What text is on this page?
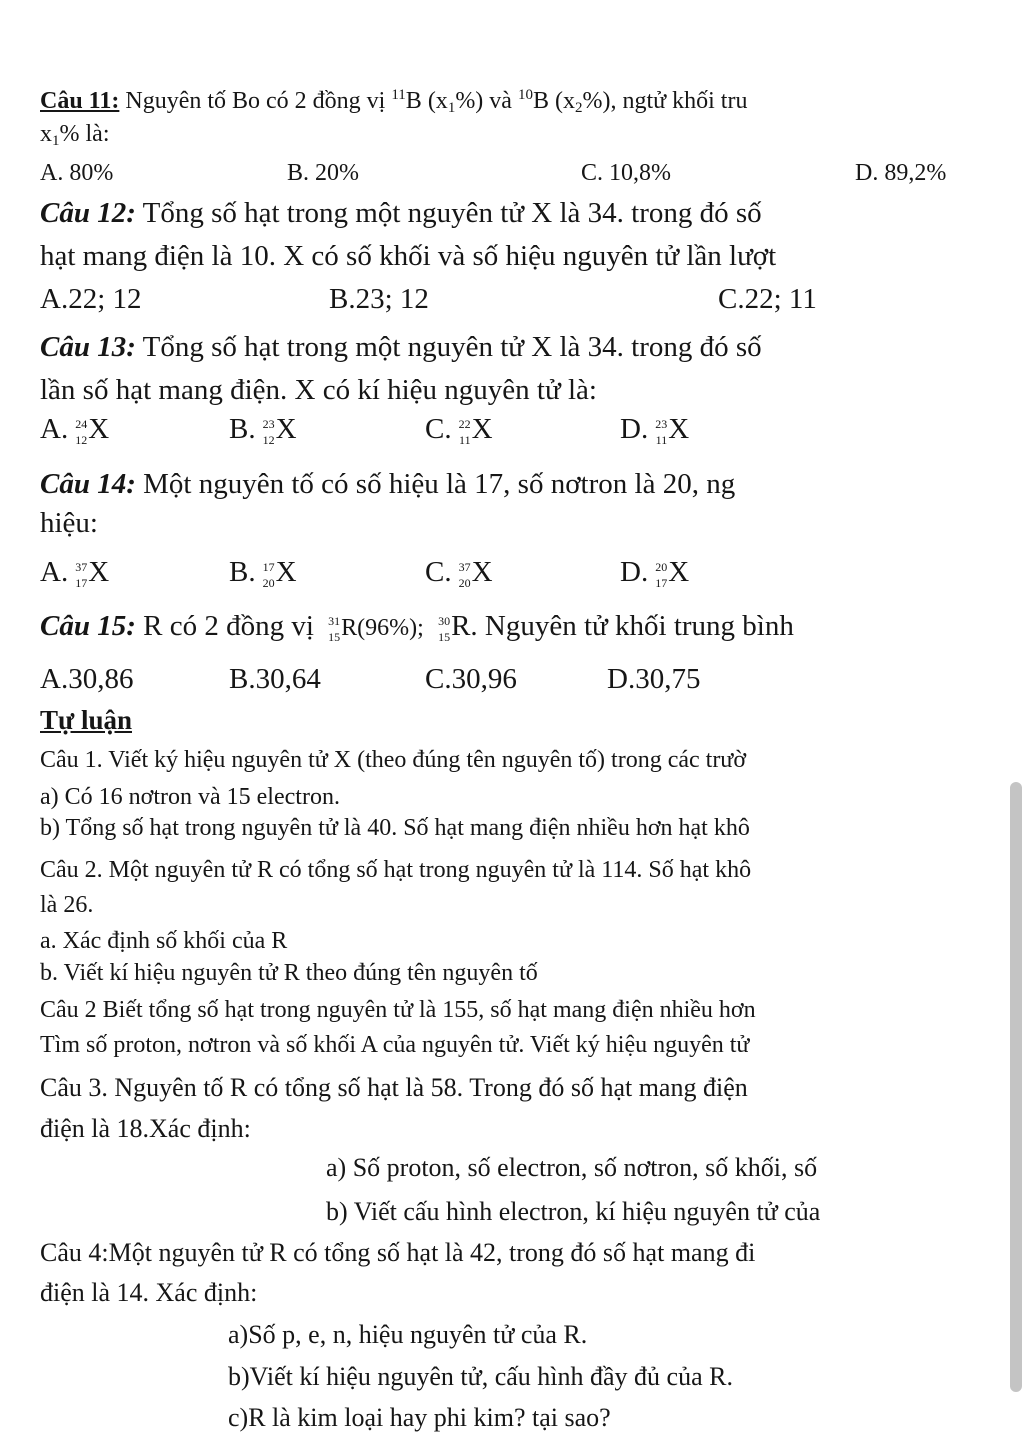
Câu 11: Nguyên tố Bo có 2 đồng vị $^{11}$B $(x_1\%)$ và $^{10}$B $(x_2\%)$, ngtử khối tru
$x_1\%$ là:
A. 80%	B. 20%	C. 10,8%	D. 89,2%
Câu 12: Tổng số hạt trong một nguyên tử X là 34. trong đó số
hạt mang điện là 10. X có số khối và số hiệu nguyên tử lần lượt
A.22; 12	B.23; 12	C.22; 11
Câu 13: Tổng số hạt trong một nguyên tử X là 34. trong đó số
lần số hạt mang điện. X có kí hiệu nguyên tử là:
A. 24
12 X	B. 23
12 X	C. 22
11 X	D. 23
11 X
Câu 14: Một nguyên tố có số hiệu là 17, số nơtron là 20, ng
hiệu:
A. 37
17 X	B. 17
20 X	C. 37
20 X	D. 20
17 X
Câu 15: R có 2 đồng vị 31
15 R(96%); 30
15 R. Nguyên tử khối trung bình
A.30,86	B.30,64	C.30,96	D.30,75
Tự luận
Câu 1. Viết ký hiệu nguyên tử X (theo đúng tên nguyên tố) trong các trườ
a) Có 16 nơtron và 15 electron.
b) Tổng số hạt trong nguyên tử là 40. Số hạt mang điện nhiều hơn hạt khô
Câu 2. Một nguyên tử R có tổng số hạt trong nguyên tử là 114. Số hạt khô
là 26.
a. Xác định số khối của R
b. Viết kí hiệu nguyên tử R theo đúng tên nguyên tố
Câu 2 Biết tổng số hạt trong nguyên tử là 155, số hạt mang điện nhiều hơn
Tìm số proton, nơtron và số khối A của nguyên tử. Viết ký hiệu nguyên tử
Câu 3. Nguyên tố R có tổng số hạt là 58. Trong đó số hạt mang điện
điện là 18.Xác định:
a) Số proton, số electron, số nơtron, số khối, số
b) Viết cấu hình electron, kí hiệu nguyên tử của
Câu 4:Một nguyên tử R có tổng số hạt là 42, trong đó số hạt mang đi
điện là 14. Xác định:
a)Số p, e, n, hiệu nguyên tử của R.
b)Viết kí hiệu nguyên tử, cấu hình đầy đủ của R.
c)R là kim loại hay phi kim? tại sao?
